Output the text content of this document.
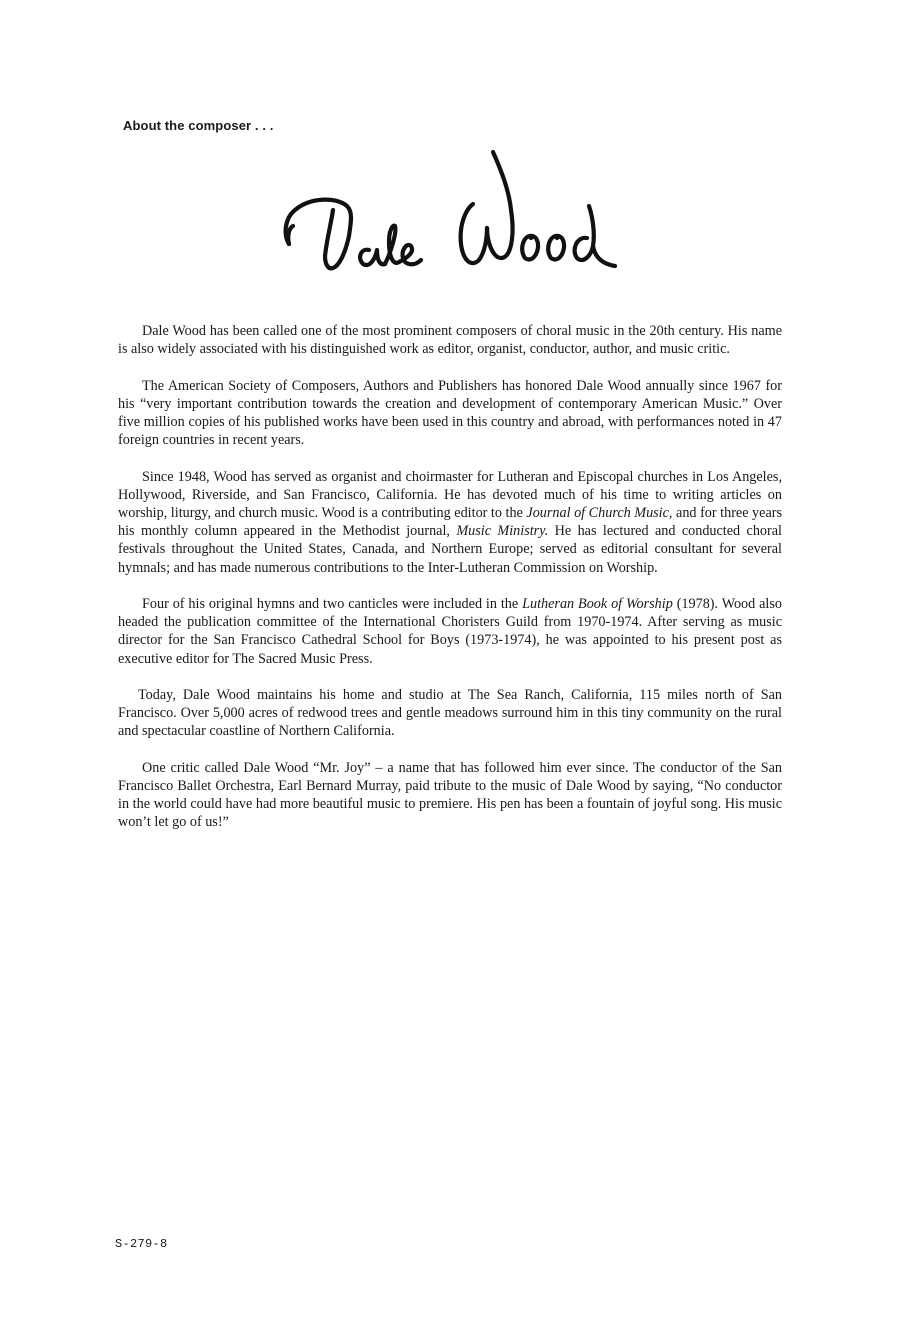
About the composer . . .

Dale Wood has been called one of the most prominent composers of choral music in the 20th century. His name is also widely associated with his distinguished work as editor, organist, conductor, author, and music critic.

The American Society of Composers, Authors and Publishers has honored Dale Wood annually since 1967 for his “very important contribution towards the creation and development of contemporary American Music.” Over five million copies of his published works have been used in this country and abroad, with performances noted in 47 foreign countries in recent years.

Since 1948, Wood has served as organist and choirmaster for Lutheran and Episcopal churches in Los Angeles, Hollywood, Riverside, and San Francisco, California. He has devoted much of his time to writing articles on worship, liturgy, and church music. Wood is a contributing editor to the Journal of Church Music, and for three years his monthly column appeared in the Methodist journal, Music Ministry. He has lectured and conducted choral festivals throughout the United States, Canada, and Northern Europe; served as editorial consultant for several hymnals; and has made numerous contributions to the Inter-Lutheran Commission on Worship.

Four of his original hymns and two canticles were included in the Lutheran Book of Worship (1978). Wood also headed the publication committee of the International Choristers Guild from 1970-1974. After serving as music director for the San Francisco Cathedral School for Boys (1973-1974), he was appointed to his present post as executive editor for The Sacred Music Press.

Today, Dale Wood maintains his home and studio at The Sea Ranch, California, 115 miles north of San Francisco. Over 5,000 acres of redwood trees and gentle meadows surround him in this tiny community on the rural and spectacular coastline of Northern California.

One critic called Dale Wood “Mr. Joy” – a name that has followed him ever since. The conductor of the San Francisco Ballet Orchestra, Earl Bernard Murray, paid tribute to the music of Dale Wood by saying, “No conductor in the world could have had more beautiful music to premiere. His pen has been a fountain of joyful song. His music won’t let go of us!”

S-279-8
